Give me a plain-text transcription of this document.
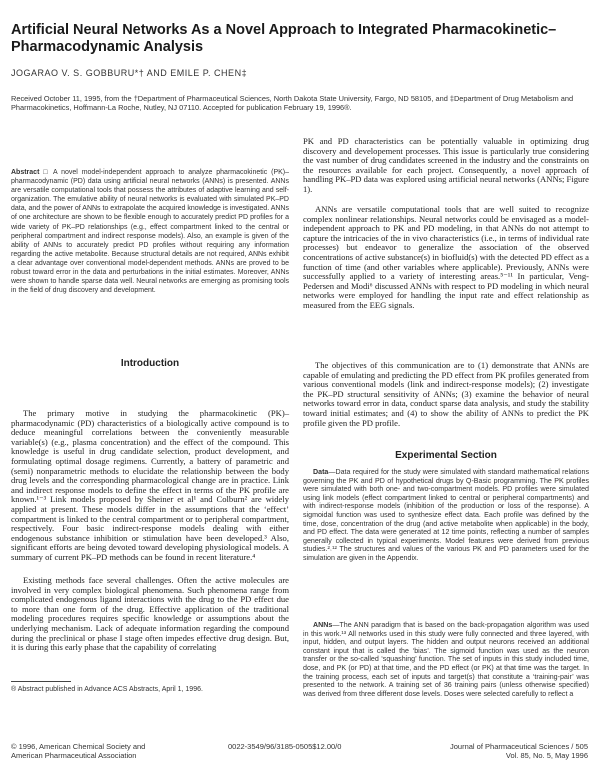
Artificial Neural Networks As a Novel Approach to Integrated Pharmacokinetic–Pharmacodynamic Analysis
JOGARAO V. S. GOBBURU*† AND EMILE P. CHEN‡
Received October 11, 1995, from the †Department of Pharmaceutical Sciences, North Dakota State University, Fargo, ND 58105, and ‡Department of Drug Metabolism and Pharmacokinetics, Hoffmann-La Roche, Nutley, NJ 07110. Accepted for publication February 19, 1996®.

Abstract □ A novel model-independent approach to analyze pharmacokinetic (PK)–pharmacodynamic (PD) data using artificial neural networks (ANNs) is presented. ANNs are versatile computational tools that possess the attributes of adaptive learning and self-organization. The emulative ability of neural networks is evaluated with simulated PK–PD data, and the power of ANNs to extrapolate the acquired knowledge is investigated. ANNs of one architecture are shown to be flexible enough to accurately predict PD profiles for a wide variety of PK–PD relationships (e.g., effect compartment linked to the central or peripheral compartment and indirect response models). Also, an example is given of the ability of ANNs to accurately predict PD profiles without requiring any information regarding the active metabolite. Because structural details are not required, ANNs exhibit a clear advantage over conventional model-dependent methods. ANNs are proved to be robust toward error in the data and perturbations in the initial estimates. Moreover, ANNs were shown to handle sparse data well. Neural networks are emerging as promising tools in the field of drug discovery and development.

Introduction

The primary motive in studying the pharmacokinetic (PK)–pharmacodynamic (PD) characteristics of a biologically active compound is to deduce meaningful correlations between the conveniently measurable variable(s) (e.g., plasma concentration) and the effect of the compound. This knowledge is useful in drug candidate selection, product development, and formulating optimal dosage regimens. Currently, a battery of parametric and (semi) nonparametric methods to elucidate the relationship between the body drug levels and the corresponding pharmacological change are in practice. Link and indirect response models to define the effect in terms of the PK profile are known.¹⁻³ Link models proposed by Sheiner et al¹ and Colburn² are widely applied at present. These models differ in the assumptions that the ‘effect’ compartment is linked to the central compartment or to peripheral compartment, respectively. Four basic indirect-response models dealing with either endogenous substance inhibition or stimulation have been developed.³ Also, significant efforts are being devoted toward developing physiological models. A summary of current PK–PD methods can be found in recent literature.⁴

Existing methods face several challenges. Often the active molecules are involved in very complex biological phenomena. Such phenomena range from complicated endogenous ligand interactions with the drug to the PD effect due to more than one form of the drug. Effective application of the traditional modeling procedures requires specific knowledge or assumptions about the underlying mechanism. Lack of adequate information regarding the compound during the preclinical or phase I stage often impedes effective drug design. But, it is during this early phase that the capability of correlating

® Abstract published in Advance ACS Abstracts, April 1, 1996.

PK and PD characteristics can be potentially valuable in optimizing drug discovery and developement processes. This issue is particularly true considering the vast number of drug candidates screened in the industry and the constraints on the resources available for each project. Consequently, a novel approach of handling PK–PD data was explored using artificial neural networks (ANNs; Figure 1).

ANNs are versatile computational tools that are well suited to recognize complex nonlinear relationships. Neural networks could be envisaged as a model-independent approach to PK and PD modeling, in that ANNs do not attempt to capture the intricacies of the in vivo characteristics (i.e., in terms of individual rate processes) but endeavor to generalize the association of the observed concentrations of active substance(s) in biofluid(s) with the detected PD effect as a function of time (and other variables where applicable). Previously, ANNs were successfully applied to a variety of interesting areas.⁵⁻¹¹ In particular, Veng-Pedersen and Modi⁶ discussed ANNs with respect to PD modeling in which neural networks were employed for handling the input rate and effect relationship as measured from the EEG signals.

The objectives of this communication are to (1) demonstrate that ANNs are capable of emulating and predicting the PD effect from PK profiles generated from various conventional models (link and indirect-response models); (2) investigate the PK–PD structural sensitivity of ANNs; (3) examine the behavior of neural networks toward error in data, conduct sparse data analysis, and study the stability toward initial estimates; and (4) to show the ability of ANNs to predict the PK profile given the PD profile.

Experimental Section

Data—Data required for the study were simulated with standard mathematical relations governing the PK and PD of hypothetical drugs by Q-Basic programming. The PK profiles were simulated with both one- and two-compartment models. PD profiles were simulated using link models (effect compartment linked to central or peripheral compartments) and with indirect-response models (inhibition of the production or loss of the response). A sigmoidal function was used to synthesize effect data. Each profile was defined by the time, dose, concentration of the drug (and active metabolite when applicable) in the body, and PD effect. The data were generated at 12 time points, reflecting a number of samples generally collected in typical experiments. Model features were derived from previous studies.²˒¹² The structures and values of the various PK and PD parameters used for the simulation are given in the Appendix.

ANNs—The ANN paradigm that is based on the back-propagation algorithm was used in this work.¹³ All networks used in this study were fully connected and three layered, with input, hidden, and output layers. The hidden and output neurons received an additional constant input that is called the ‘bias’. The sigmoid function was used as the neuron transfer or the so-called ‘squashing’ function. The set of inputs in this study included time, dose, and PK (or PD) at that time, and the PD effect (or PK) at that time was the target. In the training process, each set of inputs and target(s) that constitute a ‘training-pair’ was presented to the network. A training set of 36 training pairs (unless otherwise specified) was derived from three different dose levels. Doses were selected carefully to reflect a

© 1996, American Chemical Society and
American Pharmaceutical Association
0022-3549/96/3185-0505$12.00/0	Journal of Pharmaceutical Sciences / 505
Vol. 85, No. 5, May 1996
